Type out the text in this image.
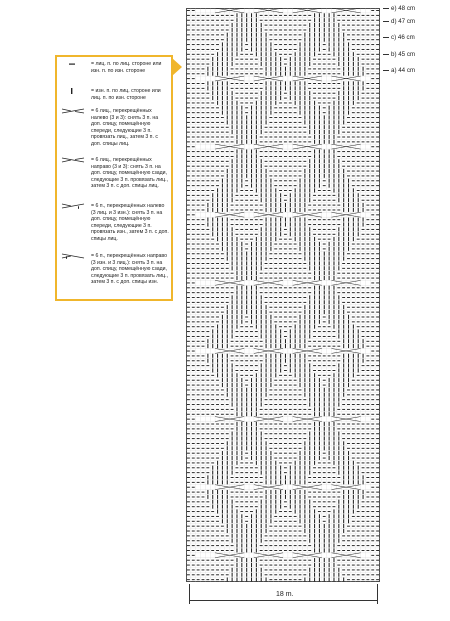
= лиц. п. по лиц. стороне или изн. п. по изн. стороне
= изн. п. по лиц. стороне или лиц. п. по изн. стороне
= 6 лиц., перекрещённых налево (3 и 3): снять 3 п. на доп. спицу, помещённую спереди, следующие 3 п. провязать лиц., затем 3 п. с доп. спицы лиц.
= 6 лиц., перекрещённых направо (3 и 3): снять 3 п. на доп. спицу, помещённую сзади, следующие 3 п. провязать лиц., затем 3 п. с доп. спицы лиц.
= 6 п., перекрещённых налево (3 лиц. и 3 изн.): снять 3 п. на доп. спицу, помещённую спереди, следующие 3 п. провязать изн., затем 3 п. с доп. спицы лиц.
= 6 п., перекрещённых направо (3 изн. и 3 лиц.): снять 3 п. на доп. спицу, помещённую сзади, следующие 3 п. провязать лиц., затем 3 п. с доп. спицы изн.
e) 48 cm
d) 47 cm
c) 46 cm
b) 45 cm
a) 44 cm
18 m.
